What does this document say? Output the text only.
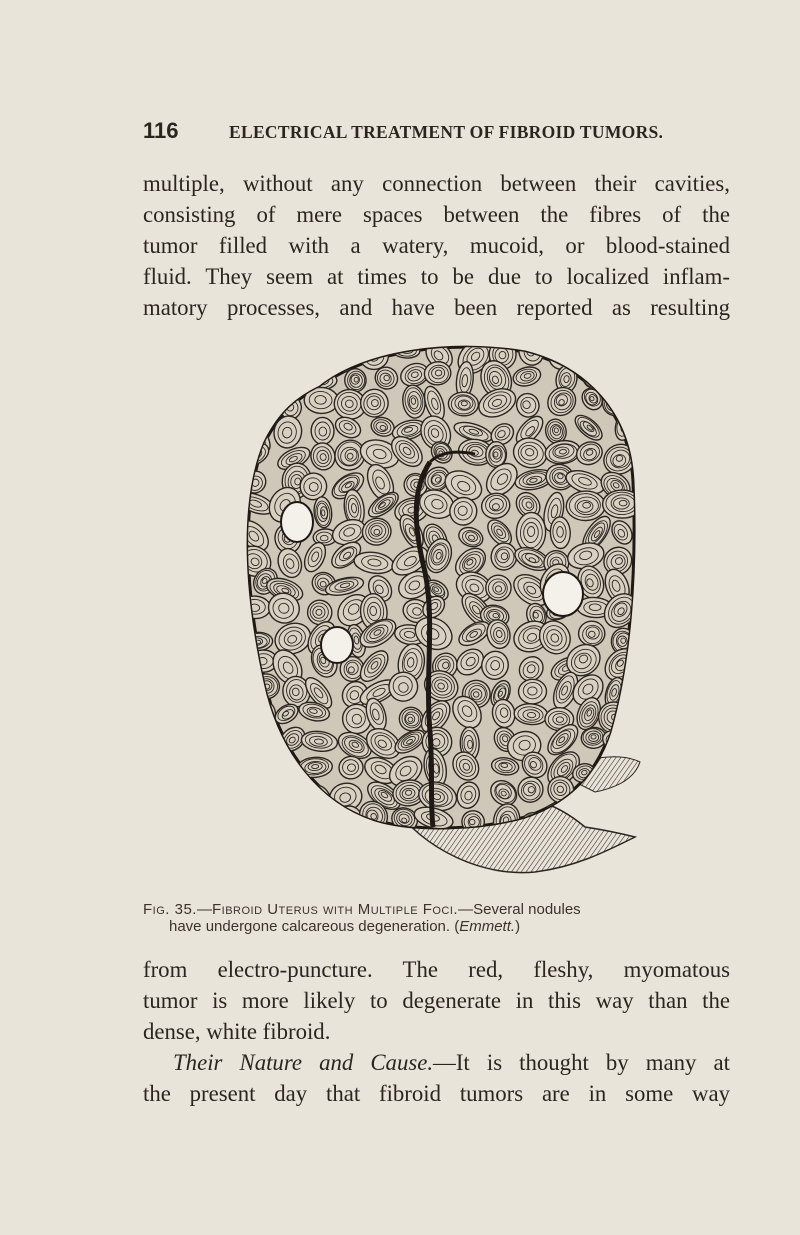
116	ELECTRICAL TREATMENT OF FIBROID TUMORS.
multiple, without any connection between their cavities,
consisting of mere spaces between the fibres of the
tumor filled with a watery, mucoid, or blood-stained
fluid. They seem at times to be due to localized inflam-
matory processes, and have been reported as resulting
Fig. 35.—Fibroid Uterus with Multiple Foci.—Several nodules
have undergone calcareous degeneration. (Emmett.)
from electro-puncture. The red, fleshy, myomatous
tumor is more likely to degenerate in this way than the
dense, white fibroid.
Their Nature and Cause.—It is thought by many at
the present day that fibroid tumors are in some way
